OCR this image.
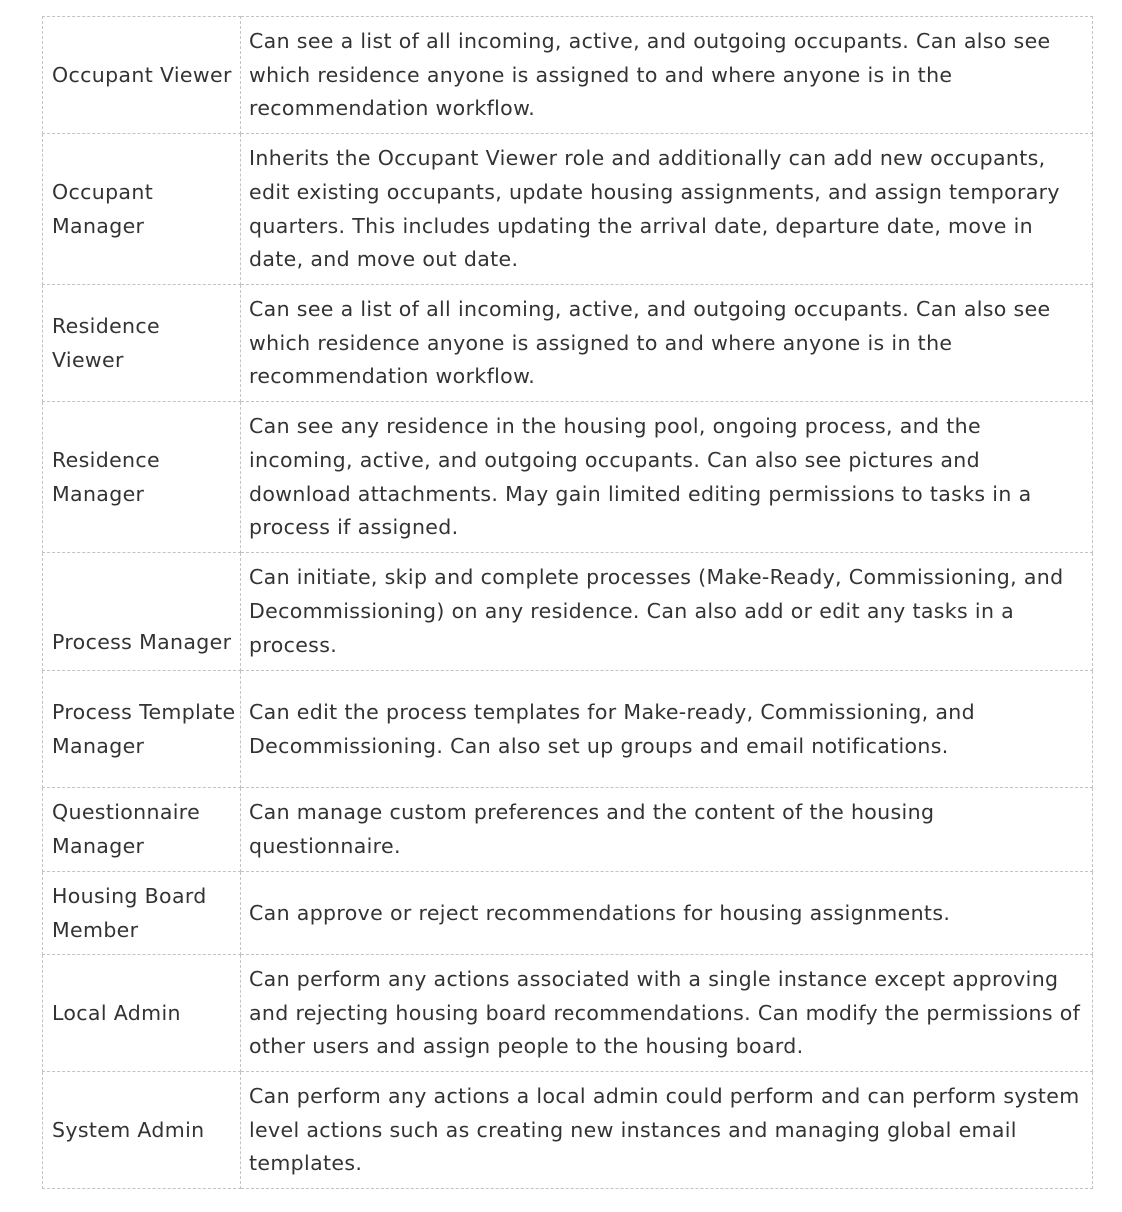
Occupant Viewer	Can see a list of all incoming, active, and outgoing occupants. Can also see which residence anyone is assigned to and where anyone is in the recommendation workflow.
Occupant Manager	Inherits the Occupant Viewer role and additionally can add new occupants, edit existing occupants, update housing assignments, and assign temporary quarters. This includes updating the arrival date, departure date, move in date, and move out date.
Residence Viewer	Can see a list of all incoming, active, and outgoing occupants. Can also see which residence anyone is assigned to and where anyone is in the recommendation workflow.
Residence Manager	Can see any residence in the housing pool, ongoing process, and the incoming, active, and outgoing occupants. Can also see pictures and download attachments. May gain limited editing permissions to tasks in a process if assigned.
Process Manager	Can initiate, skip and complete processes (Make-Ready, Commissioning, and Decommissioning) on any residence. Can also add or edit any tasks in a process.
Process Template Manager	Can edit the process templates for Make-ready, Commissioning, and Decommissioning. Can also set up groups and email notifications.
Questionnaire Manager	Can manage custom preferences and the content of the housing questionnaire.
Housing Board Member	Can approve or reject recommendations for housing assignments.
Local Admin	Can perform any actions associated with a single instance except approving and rejecting housing board recommendations. Can modify the permissions of other users and assign people to the housing board.
System Admin	Can perform any actions a local admin could perform and can perform system level actions such as creating new instances and managing global email templates.
